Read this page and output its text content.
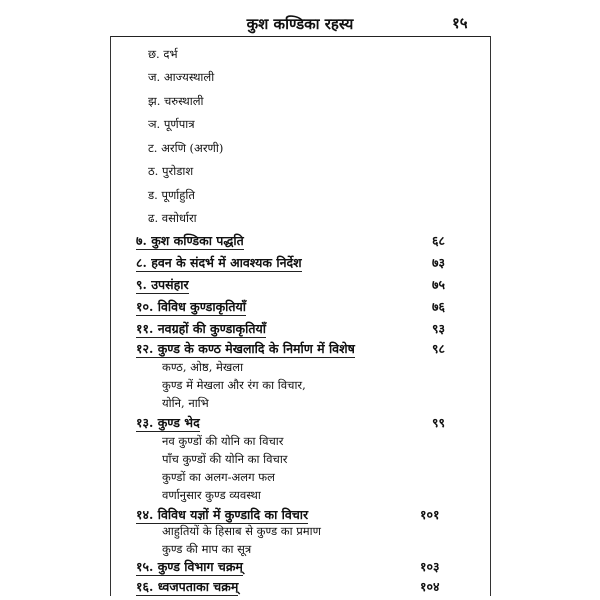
कुश कण्डिका रहस्य	१५
छ. दर्भ
ज. आज्यस्थाली
झ. चरुस्थाली
ञ. पूर्णपात्र
ट. अरणि (अरणी)
ठ. पुरोडाश
ड. पूर्णाहुति
ढ. वसोर्धारा
७. कुश कण्डिका पद्धति	६८
८. हवन के संदर्भ में आवश्यक निर्देश	७३
९. उपसंहार	७५
१०. विविध कुण्डाकृतियाँ	७६
११. नवग्रहों की कुण्डाकृतियाँ	९३
१२. कुण्ड के कण्ठ मेखलादि के निर्माण में विशेष	९८
कण्ठ, ओष्ठ, मेखला
कुण्ड में मेखला और रंग का विचार,
योनि, नाभि
१३. कुण्ड भेद	९९
नव कुण्डों की योनि का विचार
पाँच कुण्डों की योनि का विचार
कुण्डों का अलग-अलग फल
वर्णानुसार कुण्ड व्यवस्था
१४. विविध यज्ञों में कुण्डादि का विचार	१०१
आहुतियों के हिसाब से कुण्ड का प्रमाण
कुण्ड की माप का सूत्र
१५. कुण्ड विभाग चक्रम्	१०३
१६. ध्वजपताका चक्रम्	१०४
